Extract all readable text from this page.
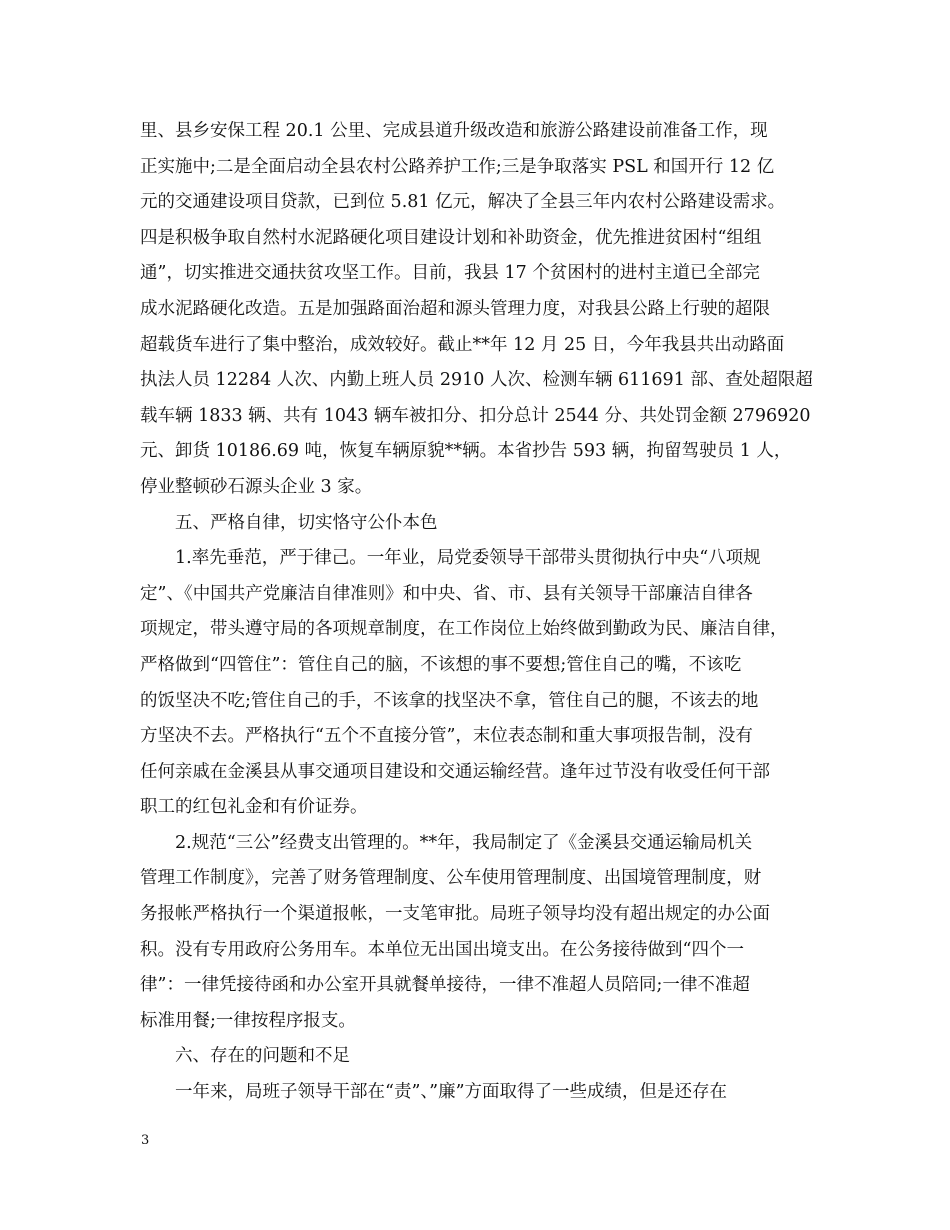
里、县乡安保工程 20.1 公里、完成县道升级改造和旅游公路建设前准备工作，现
正实施中;二是全面启动全县农村公路养护工作;三是争取落实 PSL 和国开行 12 亿
元的交通建设项目贷款，已到位 5.81 亿元，解决了全县三年内农村公路建设需求。
四是积极争取自然村水泥路硬化项目建设计划和补助资金，优先推进贫困村“组组
通”，切实推进交通扶贫攻坚工作。目前，我县 17 个贫困村的进村主道已全部完
成水泥路硬化改造。五是加强路面治超和源头管理力度，对我县公路上行驶的超限
超载货车进行了集中整治，成效较好。截止**年 12 月 25 日，今年我县共出动路面
执法人员 12284 人次、内勤上班人员 2910 人次、检测车辆 611691 部、查处超限超
载车辆 1833 辆、共有 1043 辆车被扣分、扣分总计 2544 分、共处罚金额 2796920
元、卸货 10186.69 吨，恢复车辆原貌**辆。本省抄告 593 辆，拘留驾驶员 1 人，
停业整顿砂石源头企业 3 家。
五、严格自律，切实恪守公仆本色
1.率先垂范，严于律己。一年业，局党委领导干部带头贯彻执行中央“八项规
定”、《中国共产党廉洁自律准则》和中央、省、市、县有关领导干部廉洁自律各
项规定，带头遵守局的各项规章制度，在工作岗位上始终做到勤政为民、廉洁自律，
严格做到“四管住”：管住自己的脑，不该想的事不要想;管住自己的嘴，不该吃
的饭坚决不吃;管住自己的手，不该拿的找坚决不拿，管住自己的腿，不该去的地
方坚决不去。严格执行“五个不直接分管”，末位表态制和重大事项报告制，没有
任何亲戚在金溪县从事交通项目建设和交通运输经营。逢年过节没有收受任何干部
职工的红包礼金和有价证券。
2.规范“三公”经费支出管理的。**年，我局制定了《金溪县交通运输局机关
管理工作制度》，完善了财务管理制度、公车使用管理制度、出国境管理制度，财
务报帐严格执行一个渠道报帐，一支笔审批。局班子领导均没有超出规定的办公面
积。没有专用政府公务用车。本单位无出国出境支出。在公务接待做到“四个一
律”：一律凭接待函和办公室开具就餐单接待，一律不准超人员陪同;一律不准超
标准用餐;一律按程序报支。
六、存在的问题和不足
一年来，局班子领导干部在“责”、”廉”方面取得了一些成绩，但是还存在
3
